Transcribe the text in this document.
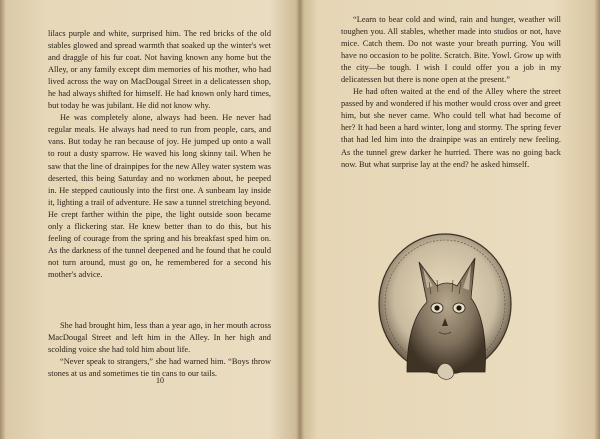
lilacs purple and white, surprised him. The red bricks of the old stables glowed and spread warmth that soaked up the winter's wet and draggle of his fur coat. Not having known any home but the Alley, or any family except dim memories of his mother, who had lived across the way on MacDougal Street in a delicatessen shop, he had always shifted for himself. He had known only hard times, but today he was jubilant. He did not know why.

He was completely alone, always had been. He never had regular meals. He always had need to run from people, cars, and vans. But today he ran because of joy. He jumped up onto a wall to rout a dusty sparrow. He waved his long skinny tail. When he saw that the line of drainpipes for the new Alley water system was deserted, this being Saturday and no workmen about, he peeped in. He stepped cautiously into the first one. A sunbeam lay inside it, lighting a trail of adventure. He saw a tunnel stretching beyond. He crept farther within the pipe, the light outside soon became only a flickering star. He knew better than to do this, but his feeling of courage from the spring and his breakfast sped him on. As the darkness of the tunnel deepened and he found that he could not turn around, must go on, he remembered for a second his mother's advice.

She had brought him, less than a year ago, in her mouth across MacDougal Street and left him in the Alley. In her high and scolding voice she had told him about life.

“Never speak to strangers,” she had warned him. “Boys throw stones at us and sometimes tie tin cans to our tails.

10

“Learn to bear cold and wind, rain and hunger, weather will toughen you. All stables, whether made into studios or not, have mice. Catch them. Do not waste your breath purring. You will have no occasion to be polite. Scratch. Bite. Yowl. Grow up with the city—be tough. I wish I could offer you a job in my delicatessen but there is none open at the present.”

He had often waited at the end of the Alley where the street passed by and wondered if his mother would cross over and greet him, but she never came. Who could tell what had become of her? It had been a hard winter, long and stormy. The spring fever that had led him into the drainpipe was an entirely new feeling. As the tunnel grew darker he hurried. There was no going back now. But what surprise lay at the end? he asked himself.
